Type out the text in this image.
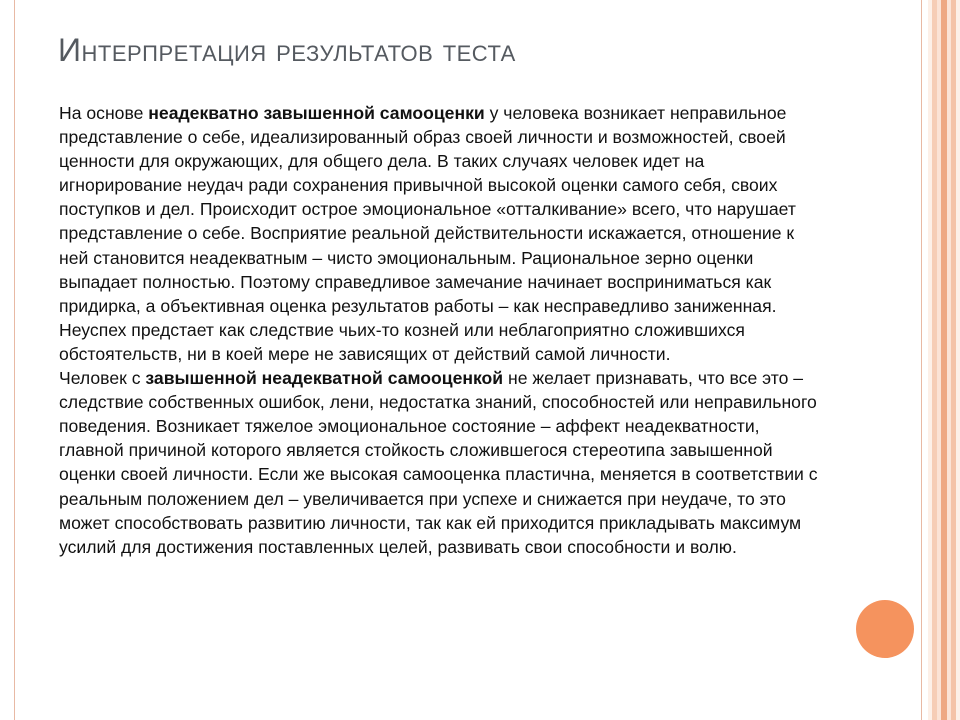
Интерпретация результатов теста

На основе неадекватно завышенной самооценки у человека возникает неправильное представление о себе, идеализированный образ своей личности и возможностей, своей ценности для окружающих, для общего дела. В таких случаях человек идет на игнорирование неудач ради сохранения привычной высокой оценки самого себя, своих поступков и дел. Происходит острое эмоциональное «отталкивание» всего, что нарушает представление о себе. Восприятие реальной действительности искажается, отношение к ней становится неадекватным – чисто эмоциональным. Рациональное зерно оценки выпадает полностью. Поэтому справедливое замечание начинает восприниматься как придирка, а объективная оценка результатов работы – как несправедливо заниженная. Неуспех предстает как следствие чьих-то козней или неблагоприятно сложившихся обстоятельств, ни в коей мере не зависящих от действий самой личности.

Человек с завышенной неадекватной самооценкой не желает признавать, что все это – следствие собственных ошибок, лени, недостатка знаний, способностей или неправильного поведения. Возникает тяжелое эмоциональное состояние – аффект неадекватности, главной причиной которого является стойкость сложившегося стереотипа завышенной оценки своей личности. Если же высокая самооценка пластична, меняется в соответствии с реальным положением дел – увеличивается при успехе и снижается при неудаче, то это может способствовать развитию личности, так как ей приходится прикладывать максимум усилий для достижения поставленных целей, развивать свои способности и волю.
